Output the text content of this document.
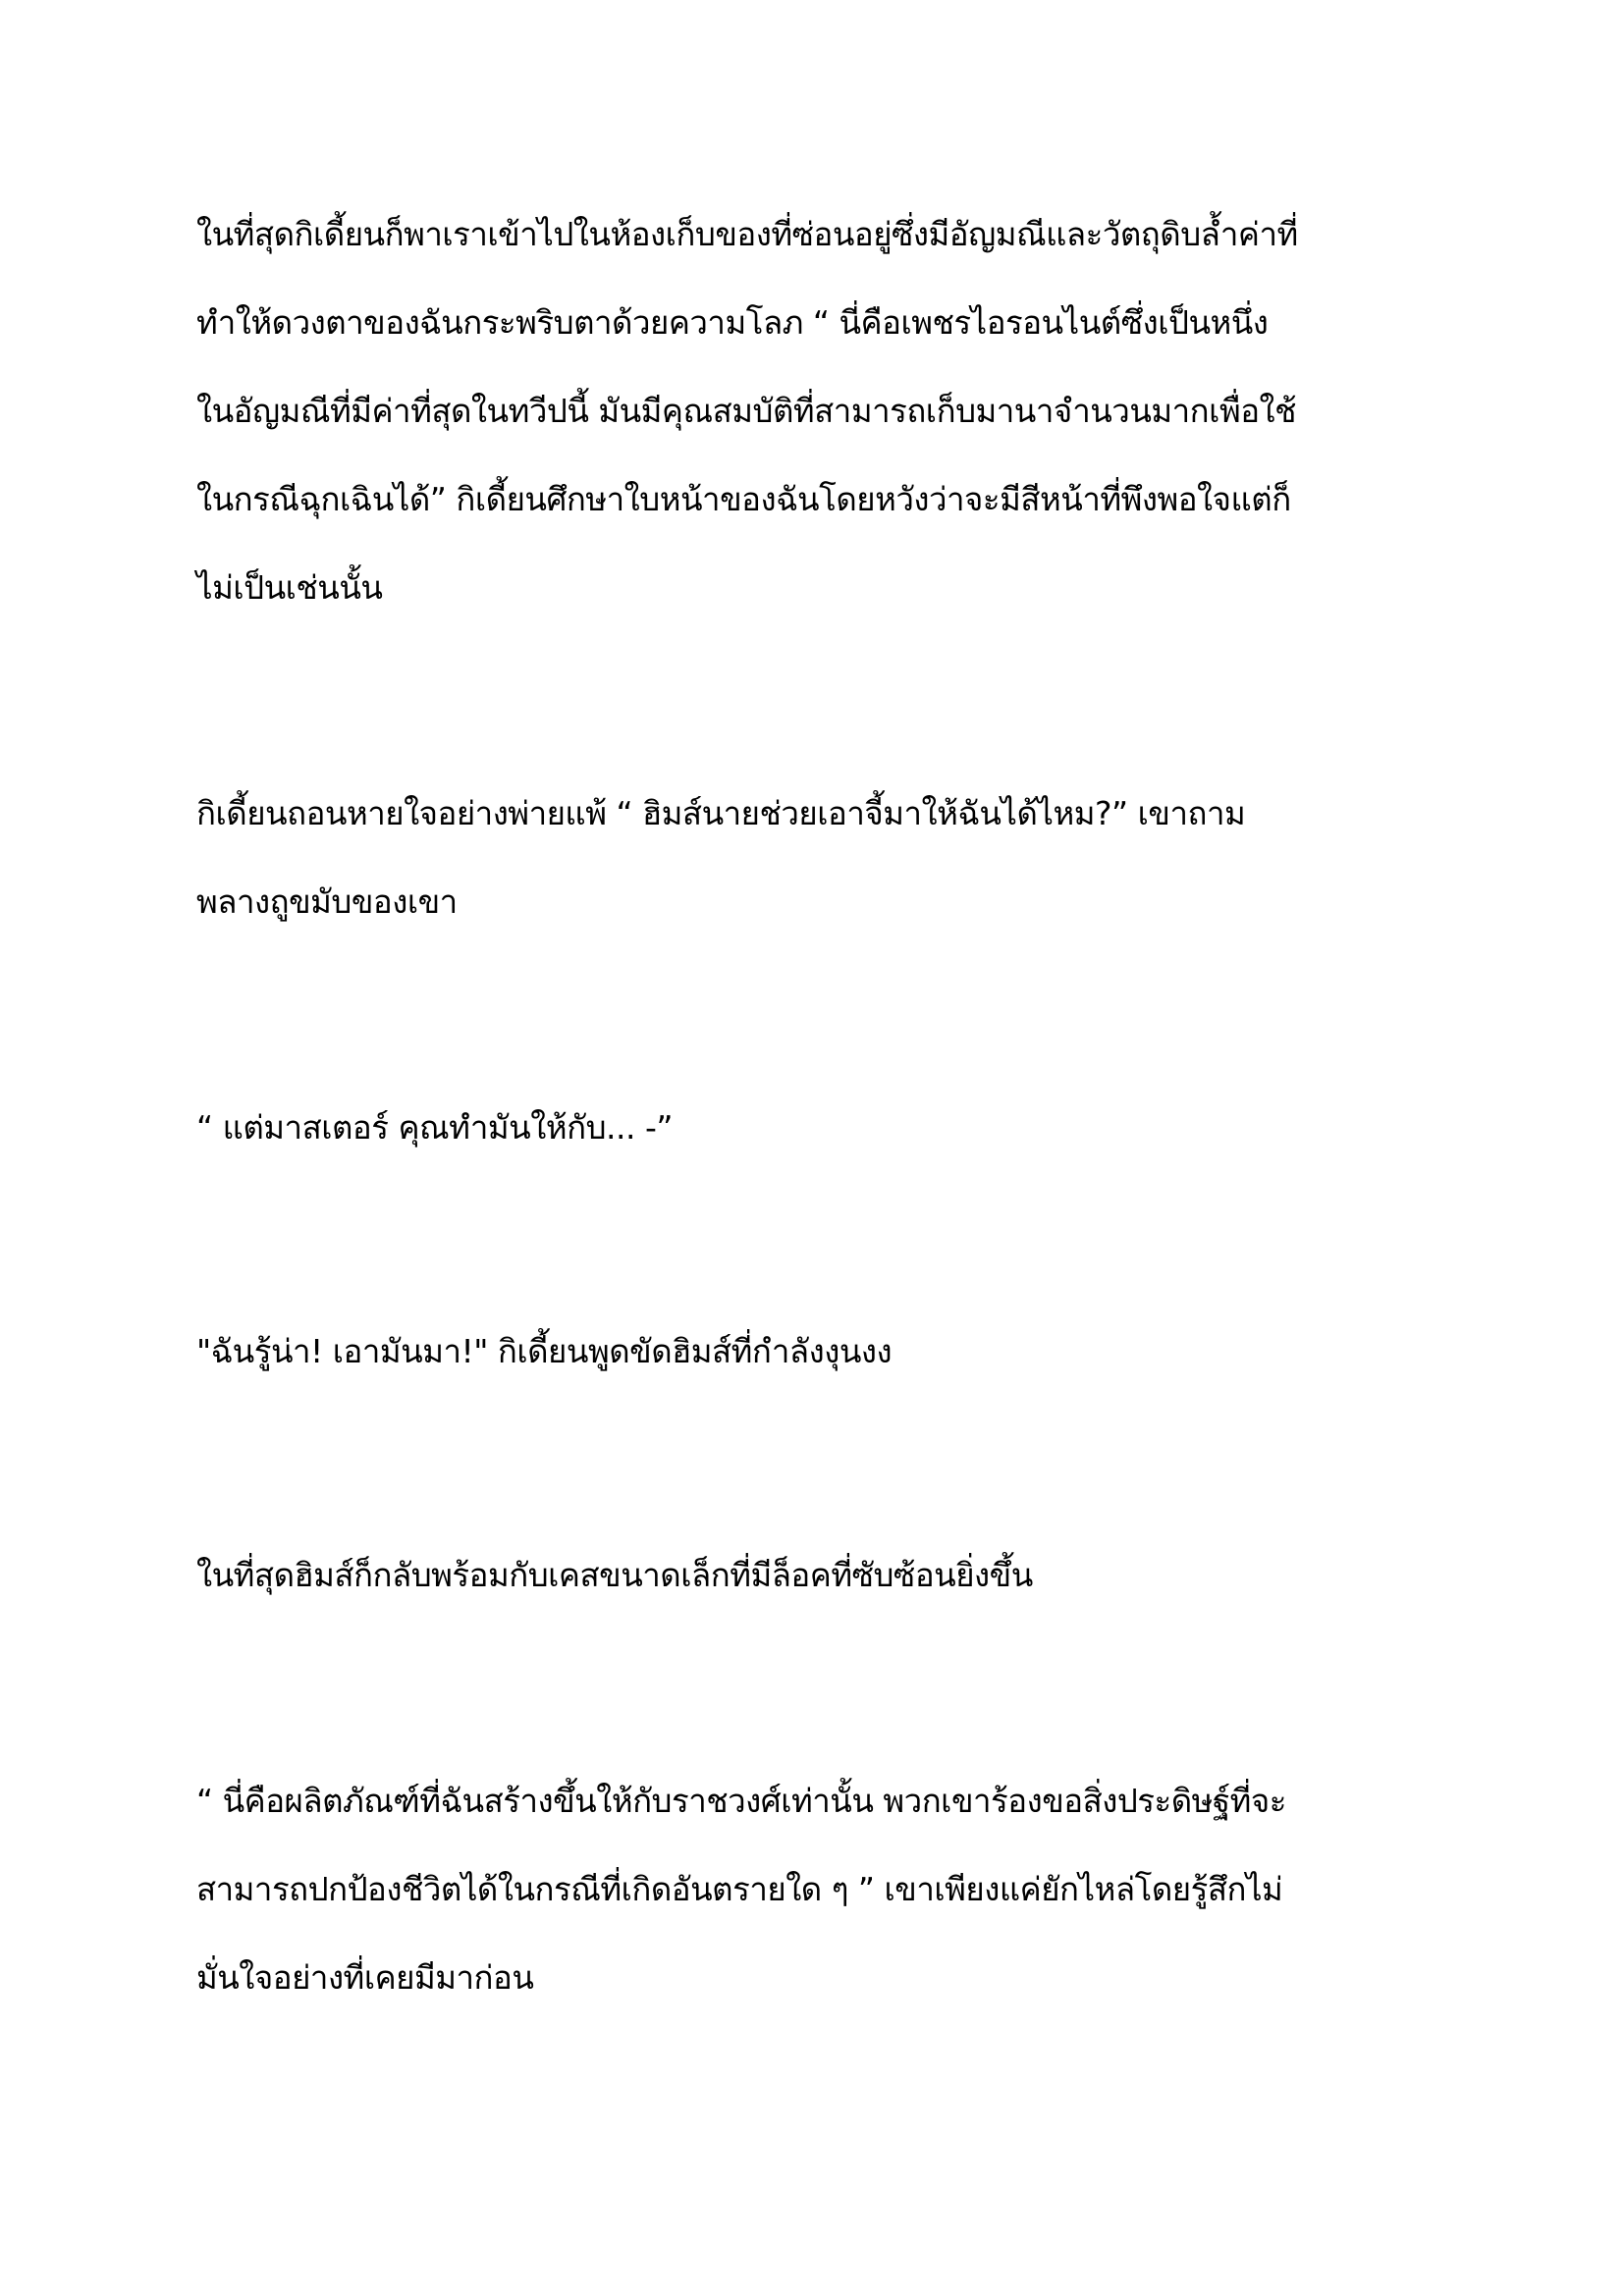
ในที่สุดกิเดี้ยนก็พาเราเข้าไปในห้องเก็บของที่ซ่อนอยู่ซึ่งมีอัญมณีและวัตถุดิบล้ำค่าที่

ทำให้ดวงตาของฉันกระพริบตาด้วยความโลภ “ นี่คือเพชรไอรอนไนต์ซึ่งเป็นหนึ่ง

ในอัญมณีที่มีค่าที่สุดในทวีปนี้ มันมีคุณสมบัติที่สามารถเก็บมานาจำนวนมากเพื่อใช้

ในกรณีฉุกเฉินได้” กิเดี้ยนศึกษาใบหน้าของฉันโดยหวังว่าจะมีสีหน้าที่พึงพอใจแต่ก็

ไม่เป็นเช่นนั้น

กิเดี้ยนถอนหายใจอย่างพ่ายแพ้ “ ฮิมส์นายช่วยเอาจี้มาให้ฉันได้ไหม?” เขาถาม

พลางถูขมับของเขา

“ แต่มาสเตอร์ คุณทำมันให้กับ... -”

"ฉันรู้น่า! เอามันมา!" กิเดี้ยนพูดขัดฮิมส์ที่กำลังงุนงง

ในที่สุดฮิมส์ก็กลับพร้อมกับเคสขนาดเล็กที่มีล็อคที่ซับซ้อนยิ่งขึ้น

“ นี่คือผลิตภัณฑ์ที่ฉันสร้างขึ้นให้กับราชวงศ์เท่านั้น พวกเขาร้องขอสิ่งประดิษฐ์ที่จะ

สามารถปกป้องชีวิตได้ในกรณีที่เกิดอันตรายใด ๆ ” เขาเพียงแค่ยักไหล่โดยรู้สึกไม่

มั่นใจอย่างที่เคยมีมาก่อน
